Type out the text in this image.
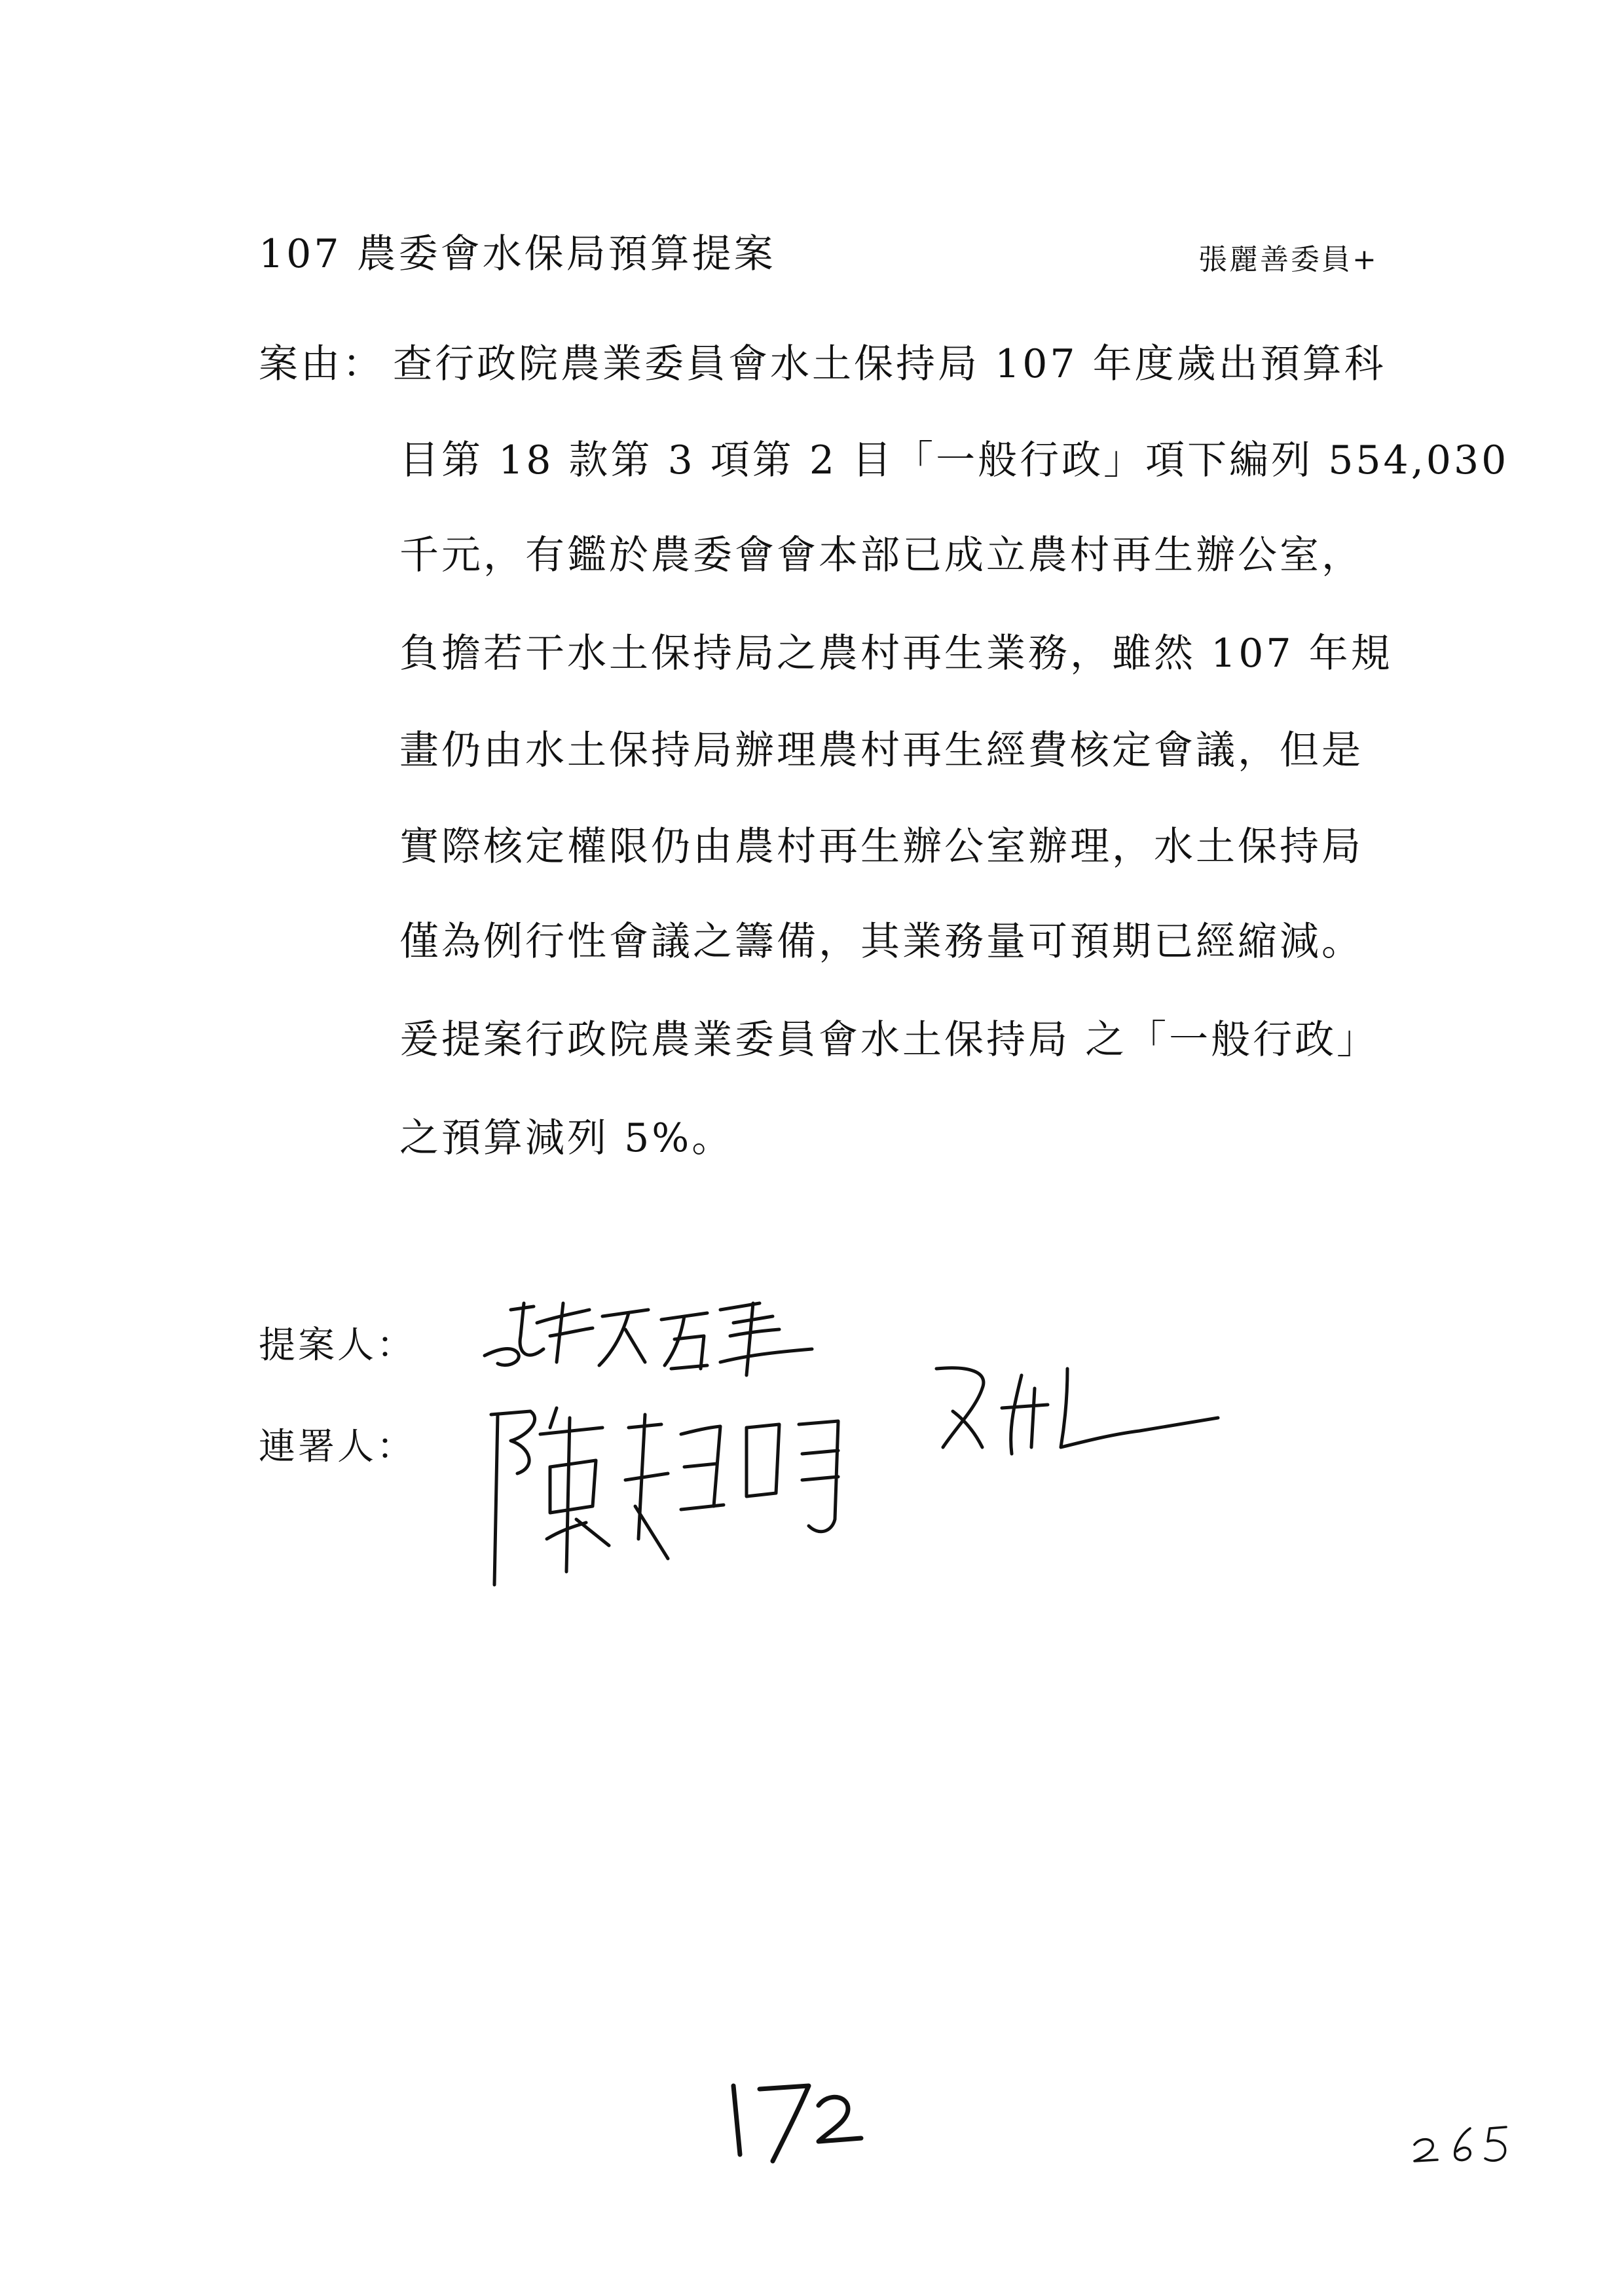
107 農委會水保局預算提案	張麗善委員+
案由： 查行政院農業委員會水土保持局 107 年度歲出預算科
目第 18 款第 3 項第 2 目「一般行政」項下編列 554,030
千元，有鑑於農委會會本部已成立農村再生辦公室，
負擔若干水土保持局之農村再生業務，雖然 107 年規
畫仍由水土保持局辦理農村再生經費核定會議，但是
實際核定權限仍由農村再生辦公室辦理，水土保持局
僅為例行性會議之籌備，其業務量可預期已經縮減。
爰提案行政院農業委員會水土保持局 之「一般行政」
之預算減列 5%。
提案人：
連署人：
